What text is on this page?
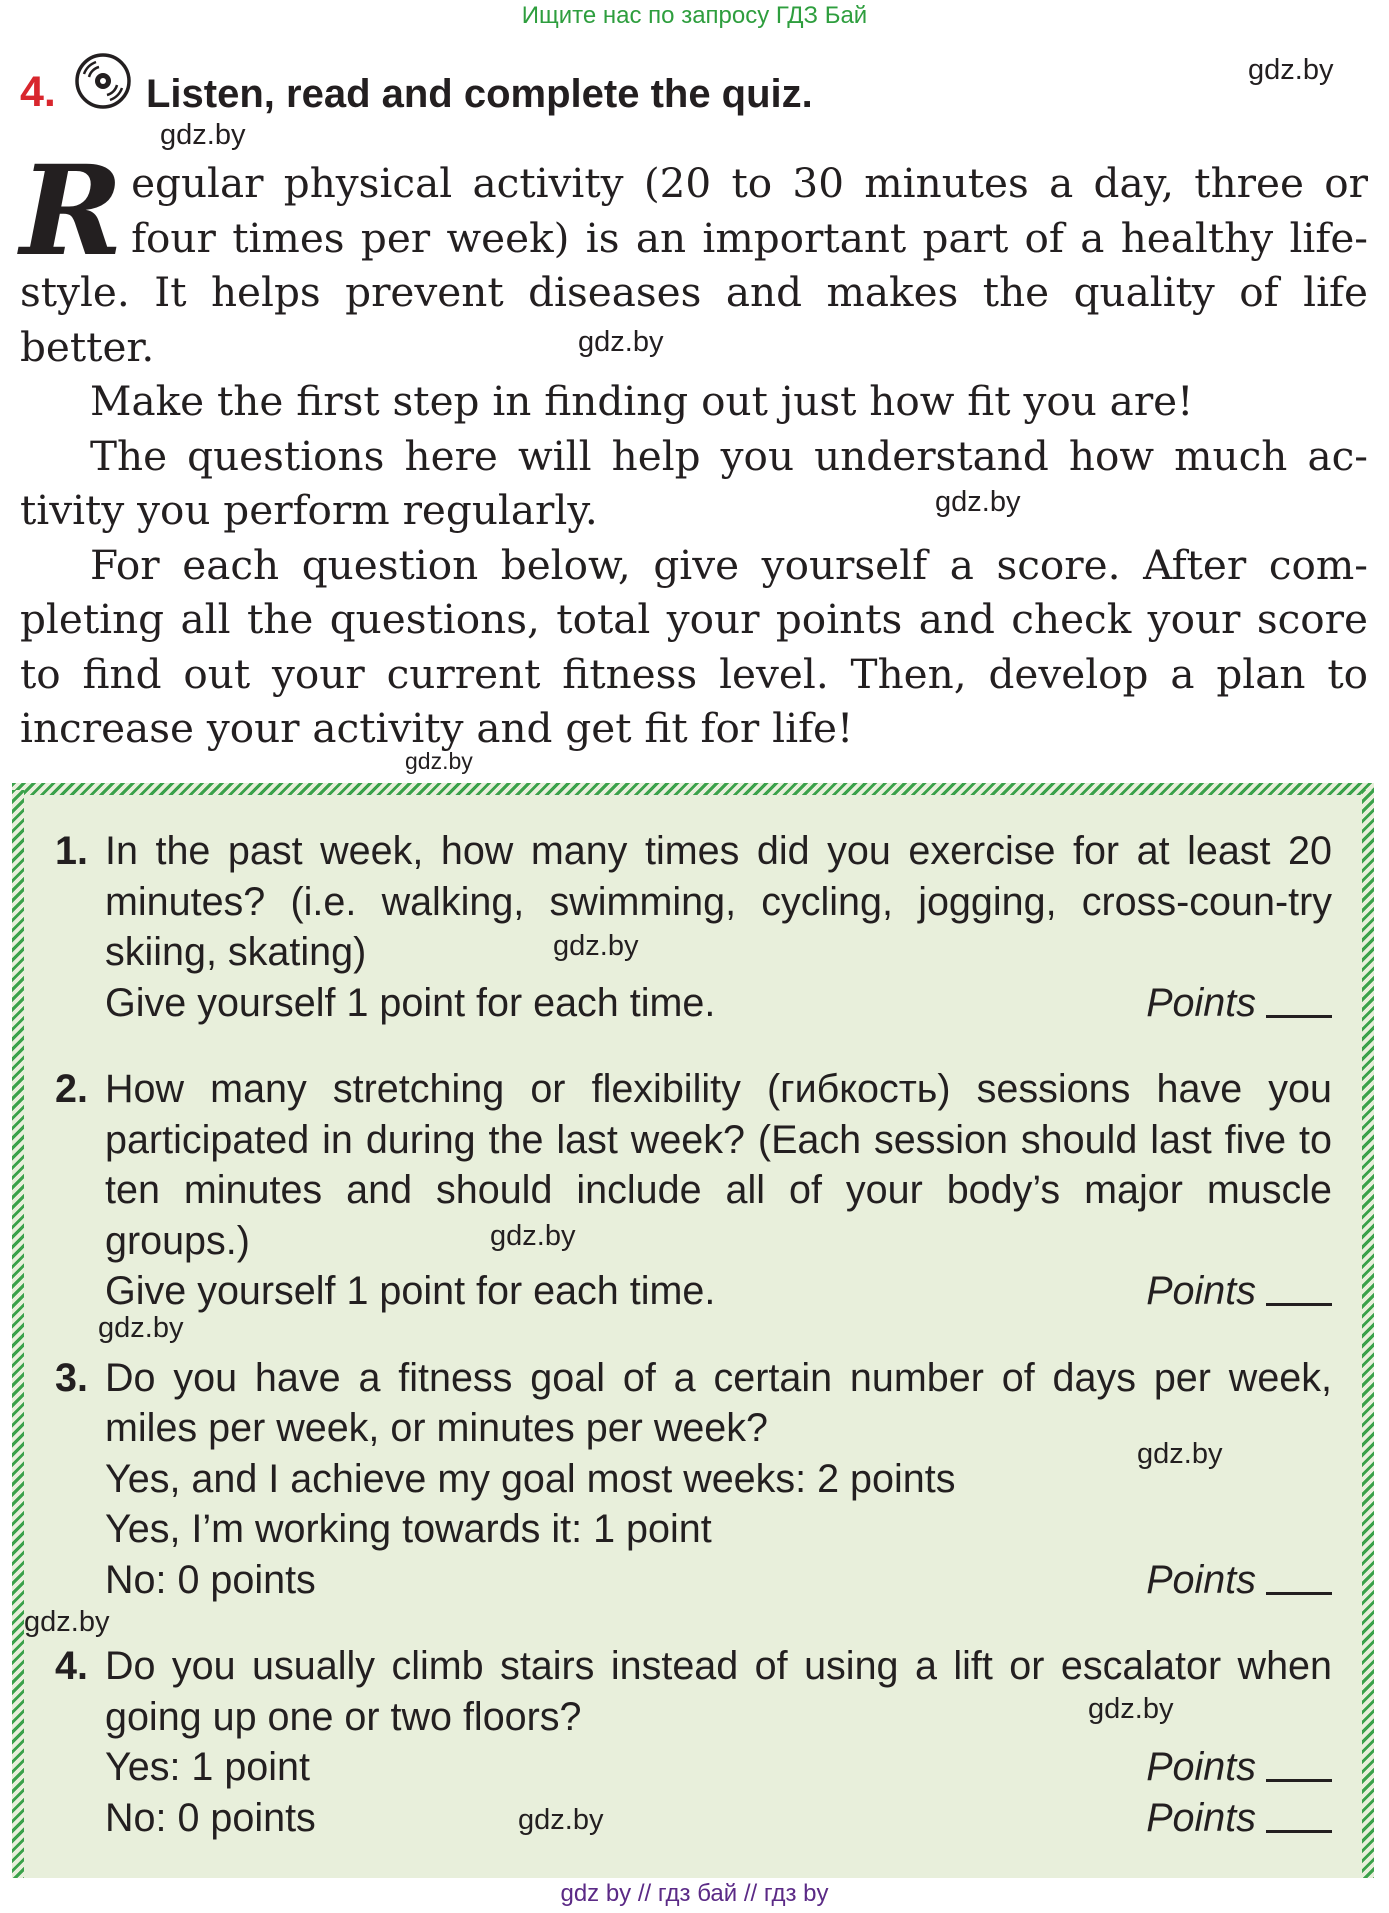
Ищите нас по запросу ГДЗ Бай
4. Listen, read and complete the quiz.
gdz.by
gdz.by

Regular physical activity (20 to 30 minutes a day, three or four times per week) is an important part of a healthy life-style. It helps prevent diseases and makes the quality of life better.

Make the first step in finding out just how fit you are!

The questions here will help you understand how much ac-tivity you perform regularly.

For each question below, give yourself a score. After com-pleting all the questions, total your points and check your score to find out your current fitness level. Then, develop a plan to increase your activity and get fit for life!

gdz.by
gdz.by
gdz.by
1. In the past week, how many times did you exercise for at least 20 minutes? (i.e. walking, swimming, cycling, jogging, cross-coun-try skiing, skating)
Give yourself 1 point for each time.	Points
2. How many stretching or flexibility (гибкость) sessions have you participated in during the last week? (Each session should last five to ten minutes and should include all of your body’s major muscle groups.)
Give yourself 1 point for each time.	Points
3. Do you have a fitness goal of a certain number of days per week, miles per week, or minutes per week?
Yes, and I achieve my goal most weeks: 2 points
Yes, I’m working towards it: 1 point
No: 0 points	Points
4. Do you usually climb stairs instead of using a lift or escalator when going up one or two floors?
Yes: 1 point	Points
No: 0 points	Points
gdz.by
gdz.by
gdz.by
gdz.by
gdz.by
gdz.by
gdz.by
gdz by // гдз бай // гдз by
